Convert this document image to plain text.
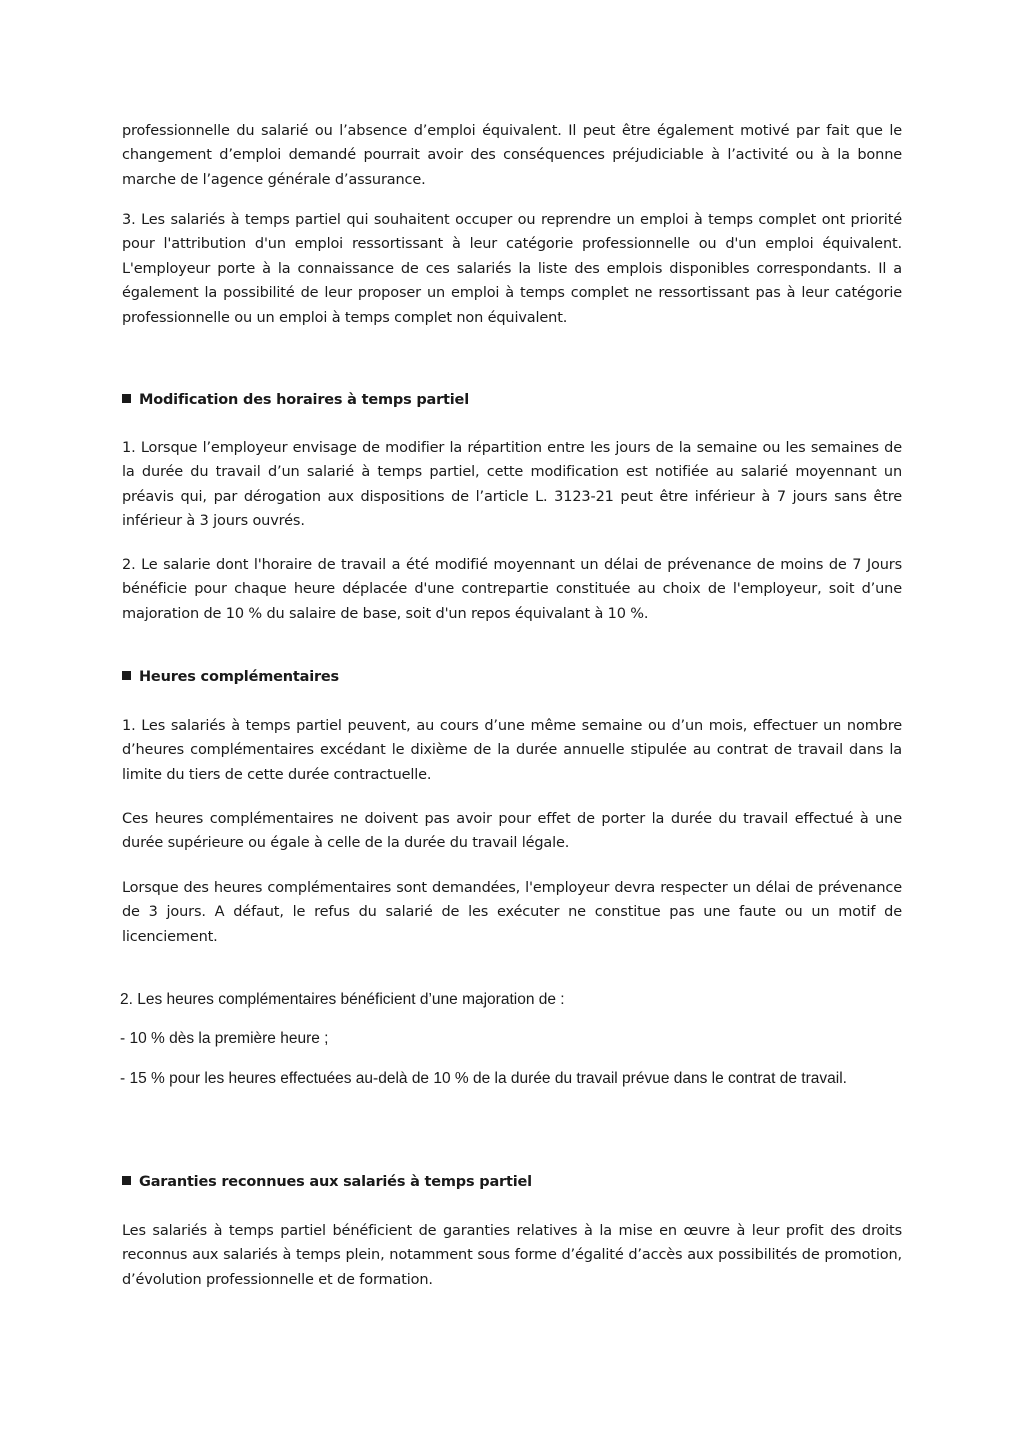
professionnelle du salarié ou l’absence d’emploi équivalent. Il peut être également motivé par fait que le changement d’emploi demandé pourrait avoir des conséquences préjudiciable à l’activité ou à la bonne marche de l’agence générale d’assurance.

3. Les salariés à temps partiel qui souhaitent occuper ou reprendre un emploi à temps complet ont priorité pour l'attribution d'un emploi ressortissant à leur catégorie professionnelle ou d'un emploi équivalent. L'employeur porte à la connaissance de ces salariés la liste des emplois disponibles correspondants. Il a également la possibilité de leur proposer un emploi à temps complet ne ressortissant pas à leur catégorie professionnelle ou un emploi à temps complet non équivalent.

Modification des horaires à temps partiel

1. Lorsque l’employeur envisage de modifier la répartition entre les jours de la semaine ou les semaines de la durée du travail d’un salarié à temps partiel, cette modification est notifiée au salarié moyennant un préavis qui, par dérogation aux dispositions de l’article L. 3123-21 peut être inférieur à 7 jours sans être inférieur à 3 jours ouvrés.

2. Le salarie dont l'horaire de travail a été modifié moyennant un délai de prévenance de moins de 7 Jours bénéficie pour chaque heure déplacée d'une contrepartie constituée au choix de l'employeur, soit d’une majoration de 10 % du salaire de base, soit d'un repos équivalant à 10 %.

Heures complémentaires

1. Les salariés à temps partiel peuvent, au cours d’une même semaine ou d’un mois, effectuer un nombre d’heures complémentaires excédant le dixième de la durée annuelle stipulée au contrat de travail dans la limite du tiers de cette durée contractuelle.

Ces heures complémentaires ne doivent pas avoir pour effet de porter la durée du travail effectué à une durée supérieure ou égale à celle de la durée du travail légale.

Lorsque des heures complémentaires sont demandées, l'employeur devra respecter un délai de prévenance de 3 jours. A défaut, le refus du salarié de les exécuter ne constitue pas une faute ou un motif de licenciement.

2. Les heures complémentaires bénéficient d’une majoration de :

- 10 % dès la première heure ;

- 15 % pour les heures effectuées au-delà de 10 % de la durée du travail prévue dans le contrat de travail.

Garanties reconnues aux salariés à temps partiel

Les salariés à temps partiel bénéficient de garanties relatives à la mise en œuvre à leur profit des droits reconnus aux salariés à temps plein, notamment sous forme d’égalité d’accès aux possibilités de promotion, d’évolution professionnelle et de formation.
